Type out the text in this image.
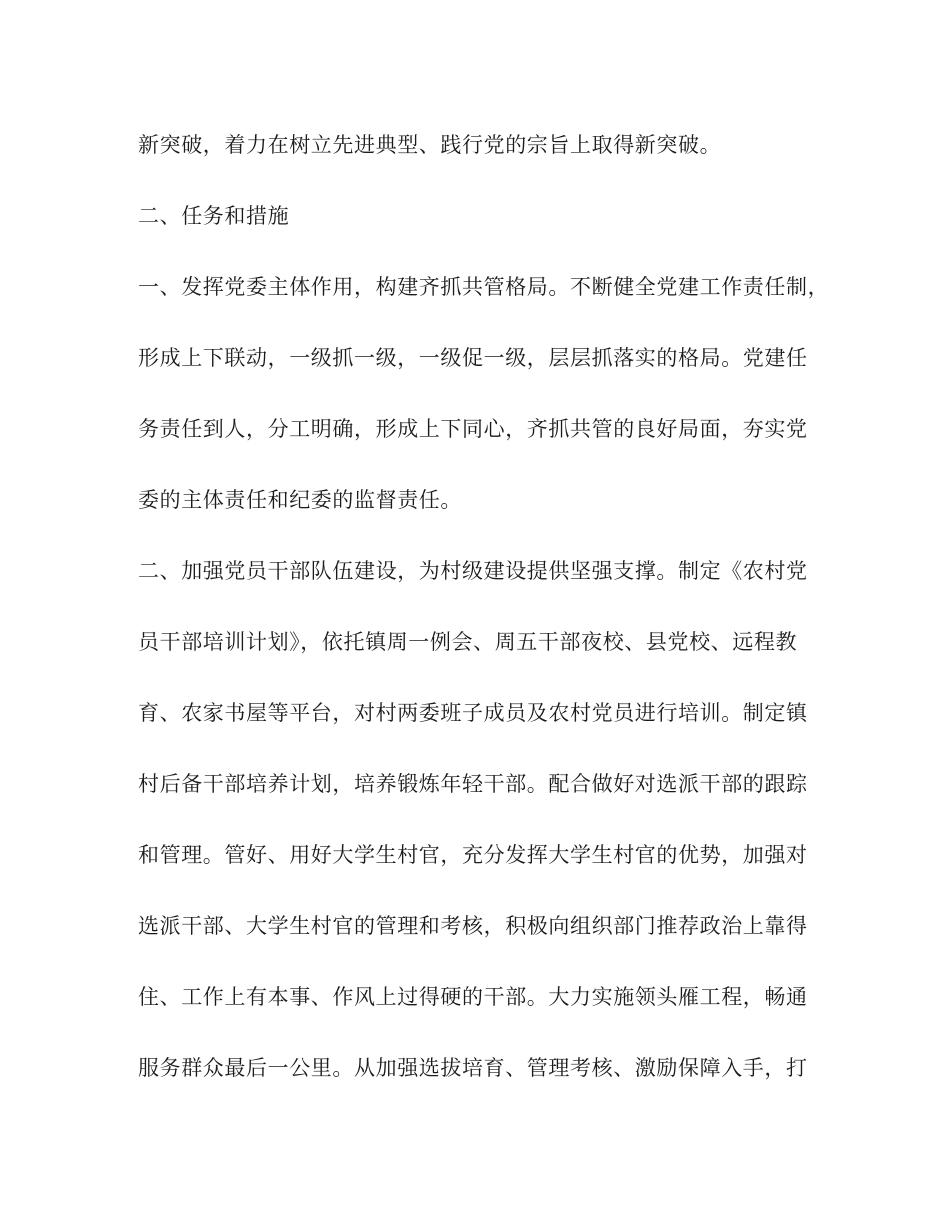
新突破，着力在树立先进典型、践行党的宗旨上取得新突破。

二、任务和措施

一、发挥党委主体作用，构建齐抓共管格局。不断健全党建工作责任制，

形成上下联动，一级抓一级，一级促一级，层层抓落实的格局。党建任

务责任到人，分工明确，形成上下同心，齐抓共管的良好局面，夯实党

委的主体责任和纪委的监督责任。

二、加强党员干部队伍建设，为村级建设提供坚强支撑。制定《农村党

员干部培训计划》，依托镇周一例会、周五干部夜校、县党校、远程教

育、农家书屋等平台，对村两委班子成员及农村党员进行培训。制定镇

村后备干部培养计划，培养锻炼年轻干部。配合做好对选派干部的跟踪

和管理。管好、用好大学生村官，充分发挥大学生村官的优势，加强对

选派干部、大学生村官的管理和考核，积极向组织部门推荐政治上靠得

住、工作上有本事、作风上过得硬的干部。大力实施领头雁工程，畅通

服务群众最后一公里。从加强选拔培育、管理考核、激励保障入手，打
